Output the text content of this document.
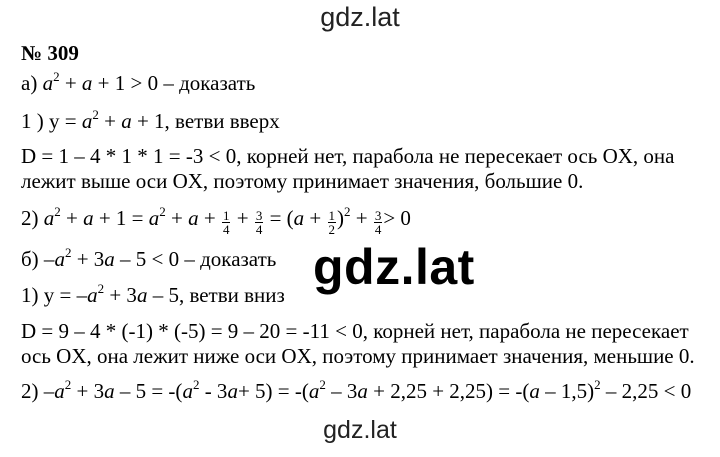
gdz.lat
№ 309
а) $a^2 + a + 1 > 0$ – доказать
1 ) $y = a^2 + a + 1$, ветви вверх
D = 1 – 4 * 1 * 1 = -3 < 0, корней нет, парабола не пересекает ось OX, она
лежит выше оси OX, поэтому принимает значения, большие 0.
2) $a^2 + a + 1 = a^2 + a + \frac{1}{4} + \frac{3}{4} = (a + \frac{1}{2} )^2 + \frac{3}{4} > 0$
б) $-a^2 + 3a - 5 < 0$ – доказать
1) $y = -a^2 + 3a - 5$, ветви вниз
D = 9 – 4 * (-1) * (-5) = 9 – 20 = -11 < 0, корней нет, парабола не пересекает
ось OX, она лежит ниже оси OX, поэтому принимает значения, меньшие 0.
2) $-a^2 + 3a - 5 = -(a^2 - 3a+ 5) = -(a^2 - 3a + 2,25 + 2,25) = -(a - 1,5)^2 - 2,25 < 0$
gdz.lat
gdz.lat
